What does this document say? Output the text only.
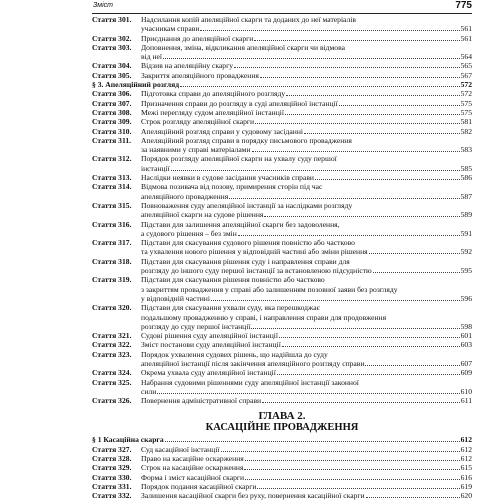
Зміст	775
Стаття 301. Надсилання копій апеляційної скарги та доданих до неї матеріалів
учасникам справи	561
Стаття 302. Приєднання до апеляційної скарги	561
Стаття 303. Доповнення, зміна, відкликання апеляційної скарги чи відмова
від неї	564
Стаття 304. Відзив на апеляційну скаргу	565
Стаття 305. Закриття апеляційного провадження	567
§ 3. Апеляційний розгляд	572
Стаття 306. Підготовка справи до апеляційного розгляду	572
Стаття 307. Призначення справи до розгляду в суді апеляційної інстанції	575
Стаття 308. Межі перегляду судом апеляційної інстанції	575
Стаття 309. Строк розгляду апеляційної скарги	581
Стаття 310. Апеляційний розгляд справи у судовому засіданні	582
Стаття 311. Апеляційний розгляд справи в порядку письмового провадження
за наявними у справі матеріалами	583
Стаття 312. Порядок розгляду апеляційної скарги на ухвалу суду першої
інстанції	585
Стаття 313. Наслідки неявки в судове засідання учасників справи	586
Стаття 314. Відмова позивача від позову, примирення сторін під час
апеляційного провадження	587
Стаття 315. Повноваження суду апеляційної інстанції за наслідками розгляду
апеляційної скарги на судове рішення	589
Стаття 316. Підстави для залишення апеляційної скарги без задоволення,
а судового рішення – без змін	591
Стаття 317. Підстави для скасування судового рішення повністю або частково
та ухвалення нового рішення у відповідній частині або зміни рішення	592
Стаття 318. Підстави для скасування рішення суду і направлення справи для
розгляду до іншого суду першої інстанції за встановленою підсудністю	595
Стаття 319. Підстави для скасування рішення повністю або частково
з закриттям провадження у справі або залишенням позовної заяви без розгляду
у відповідній частині	596
Стаття 320. Підстави для скасування ухвали суду, яка перешкоджає
подальшому провадженню у справі, і направлення справи для продовження
розгляду до суду першої інстанції	598
Стаття 321. Судові рішення суду апеляційної інстанції	601
Стаття 322. Зміст постанови суду апеляційної інстанції	603
Стаття 323. Порядок ухвалення судових рішень, що надійшла до суду
апеляційної інстанції після закінчення апеляційного розгляду справи	607
Стаття 324. Окрема ухвала суду апеляційної інстанції	609
Стаття 325. Набрання судовими рішеннями суду апеляційної інстанції законної
сили	610
Стаття 326. Повернення адміністративної справи	611
ГЛАВА 2.
КАСАЦІЙНЕ ПРОВАДЖЕННЯ
§ 1 Касаційна скарга	612
Стаття 327. Суд касаційної інстанції	612
Стаття 328. Право на касаційне оскарження	612
Стаття 329. Строк на касаційне оскарження	615
Стаття 330. Форма і зміст касаційної скарги	616
Стаття 331. Порядок подання касаційної скарги	619
Стаття 332. Залишення касаційної скарги без руху, повернення касаційної скарги	620
